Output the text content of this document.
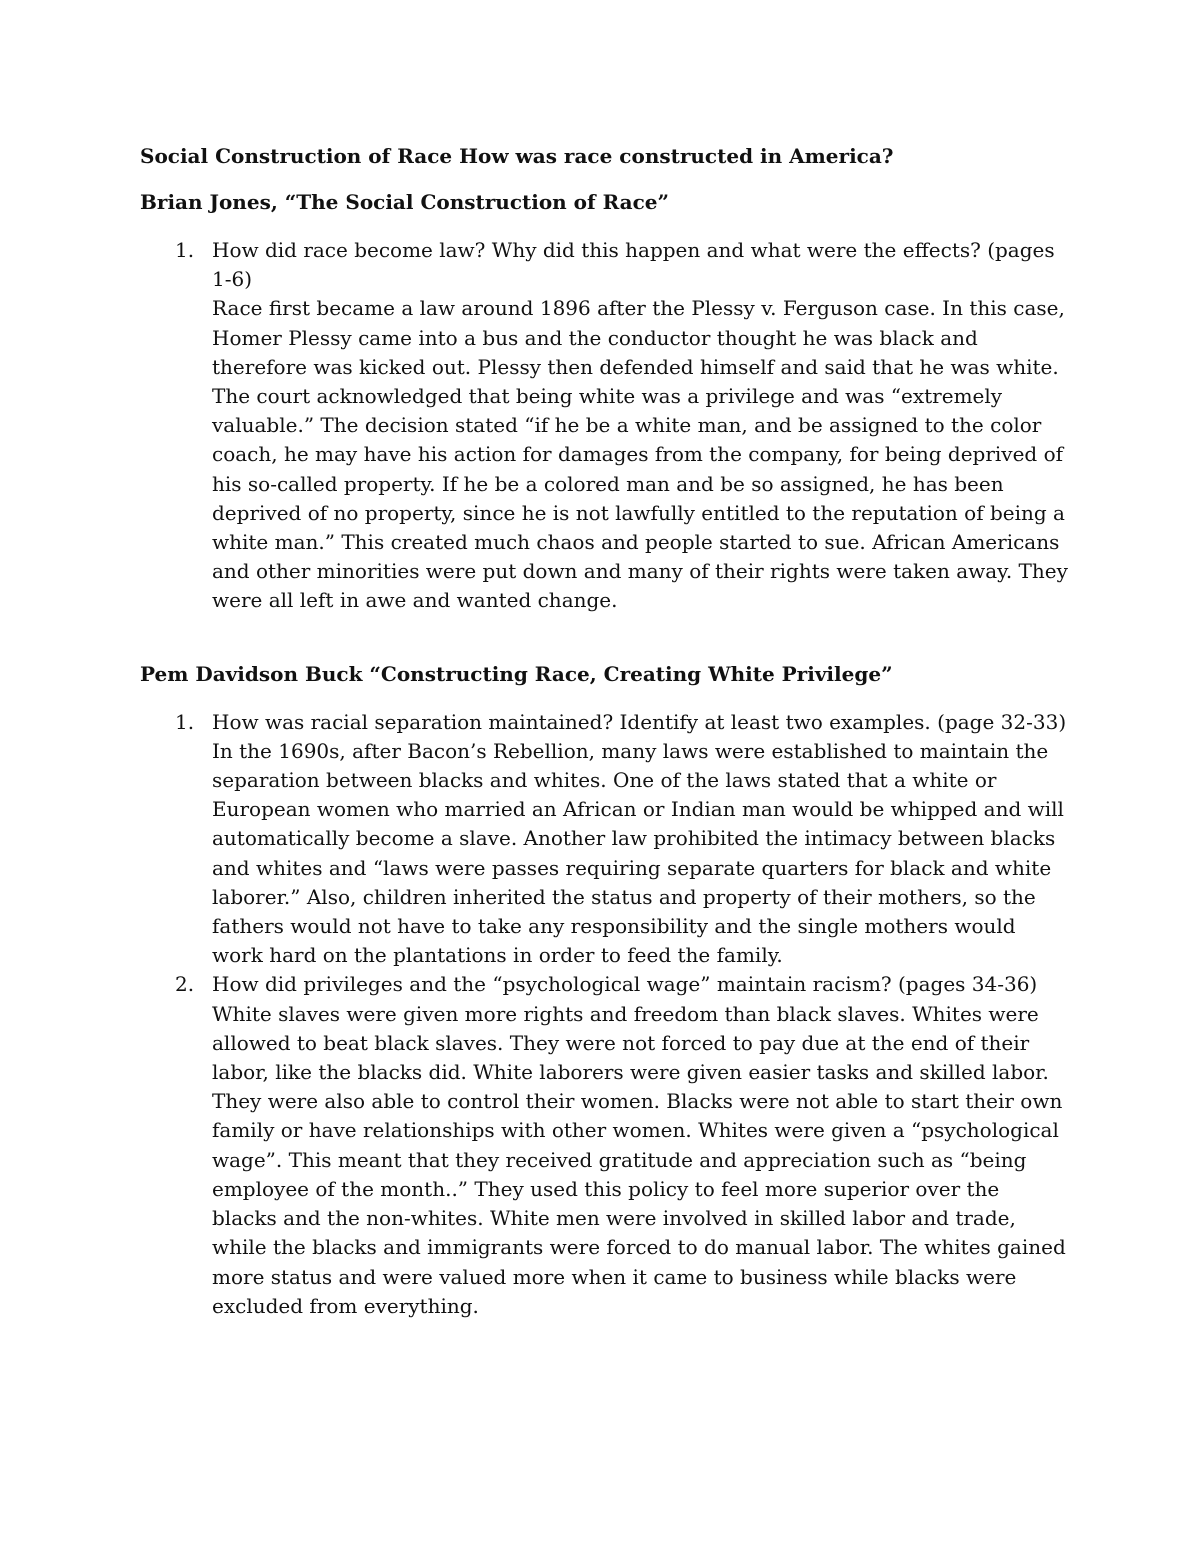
Social Construction of Race How was race constructed in America?

Brian Jones, “The Social Construction of Race”

1. How did race become law? Why did this happen and what were the effects? (pages 1-6)
Race first became a law around 1896 after the Plessy v. Ferguson case. In this case, Homer Plessy came into a bus and the conductor thought he was black and therefore was kicked out. Plessy then defended himself and said that he was white. The court acknowledged that being white was a privilege and was “extremely valuable.” The decision stated “if he be a white man, and be assigned to the color coach, he may have his action for damages from the company, for being deprived of his so-called property. If he be a colored man and be so assigned, he has been deprived of no property, since he is not lawfully entitled to the reputation of being a white man.” This created much chaos and people started to sue. African Americans and other minorities were put down and many of their rights were taken away. They were all left in awe and wanted change.

Pem Davidson Buck “Constructing Race, Creating White Privilege”

1. How was racial separation maintained? Identify at least two examples. (page 32-33)
In the 1690s, after Bacon’s Rebellion, many laws were established to maintain the separation between blacks and whites. One of the laws stated that a white or European women who married an African or Indian man would be whipped and will automatically become a slave. Another law prohibited the intimacy between blacks and whites and “laws were passes requiring separate quarters for black and white laborer.” Also, children inherited the status and property of their mothers, so the fathers would not have to take any responsibility and the single mothers would work hard on the plantations in order to feed the family.
2. How did privileges and the “psychological wage” maintain racism? (pages 34-36)
White slaves were given more rights and freedom than black slaves. Whites were allowed to beat black slaves. They were not forced to pay due at the end of their labor, like the blacks did. White laborers were given easier tasks and skilled labor. They were also able to control their women. Blacks were not able to start their own family or have relationships with other women. Whites were given a “psychological wage”. This meant that they received gratitude and appreciation such as “being employee of the month..” They used this policy to feel more superior over the blacks and the non-whites. White men were involved in skilled labor and trade, while the blacks and immigrants were forced to do manual labor. The whites gained more status and were valued more when it came to business while blacks were excluded from everything.
